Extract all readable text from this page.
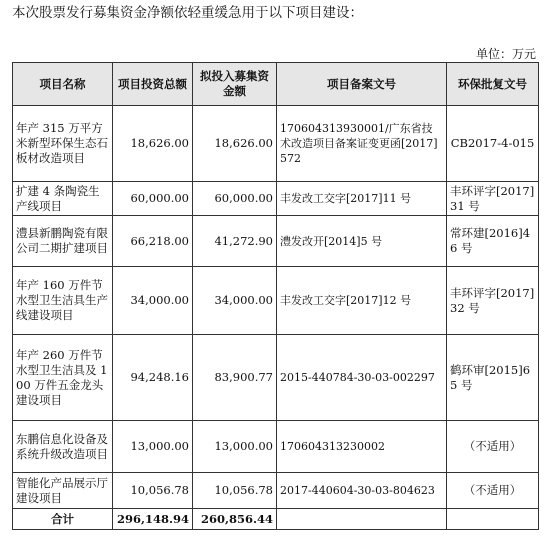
本次股票发行募集资金净额依轻重缓急用于以下项目建设：
单位：万元
项目名称	项目投资总额	拟投入募集资金额	项目备案文号	环保批复文号
年产 315 万平方米新型环保生态石板材改造项目	18,626.00	18,626.00	170604313930001/广东省技术改造项目备案证变更函[2017]572	CB2017-4-015
扩建 4 条陶瓷生产线项目	60,000.00	60,000.00	丰发改工交字[2017]11 号	丰环评字[2017]31 号
澧县新鹏陶瓷有限公司二期扩建项目	66,218.00	41,272.90	澧发改开[2014]5 号	常环建[2016]46 号
年产 160 万件节水型卫生洁具生产线建设项目	34,000.00	34,000.00	丰发改工交字[2017]12 号	丰环评字[2017]32 号
年产 260 万件节水型卫生洁具及 100 万件五金龙头建设项目	94,248.16	83,900.77	2015-440784-30-03-002297	鹤环审[2015]65 号
东鹏信息化设备及系统升级改造项目	13,000.00	13,000.00	170604313230002	（不适用）
智能化产品展示厅建设项目	10,056.78	10,056.78	2017-440604-30-03-804623	（不适用）
合计	296,148.94	260,856.44		
